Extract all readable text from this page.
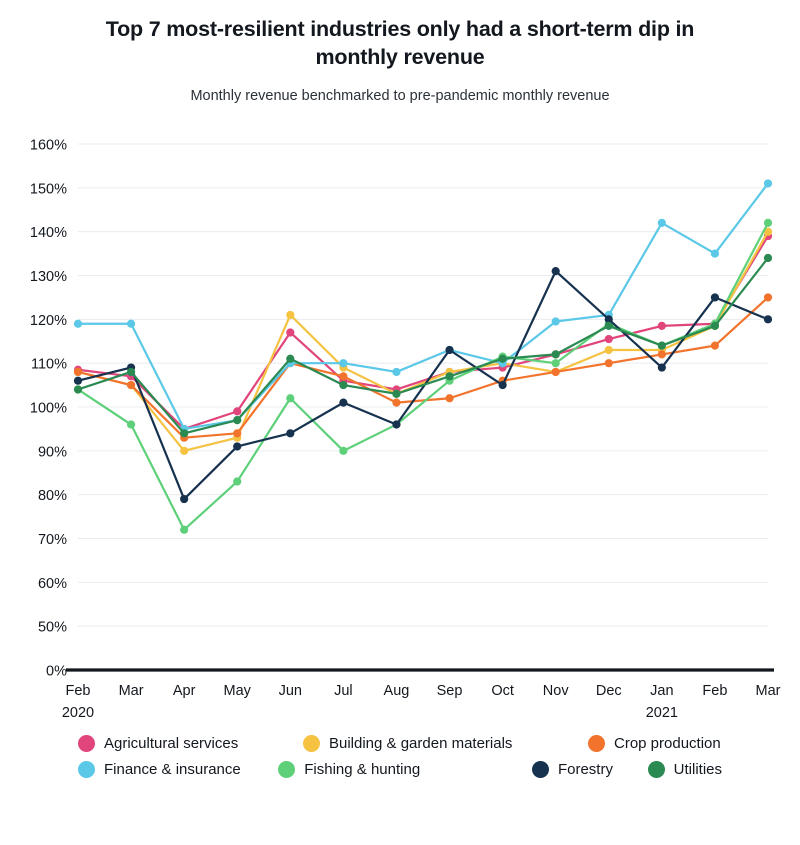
Top 7 most-resilient industries only had a short-term dip in monthly revenue
Monthly revenue benchmarked to pre-pandemic monthly revenue
0%
50%
60%
70%
80%
90%
100%
110%
120%
130%
140%
150%
160%
Feb Mar Apr May Jun Jul Aug Sep Oct Nov Dec Jan Feb Mar
2020	2021
Agricultural services	Building & garden materials	Crop production
Finance & insurance	Fishing & hunting	Forestry	Utilities
